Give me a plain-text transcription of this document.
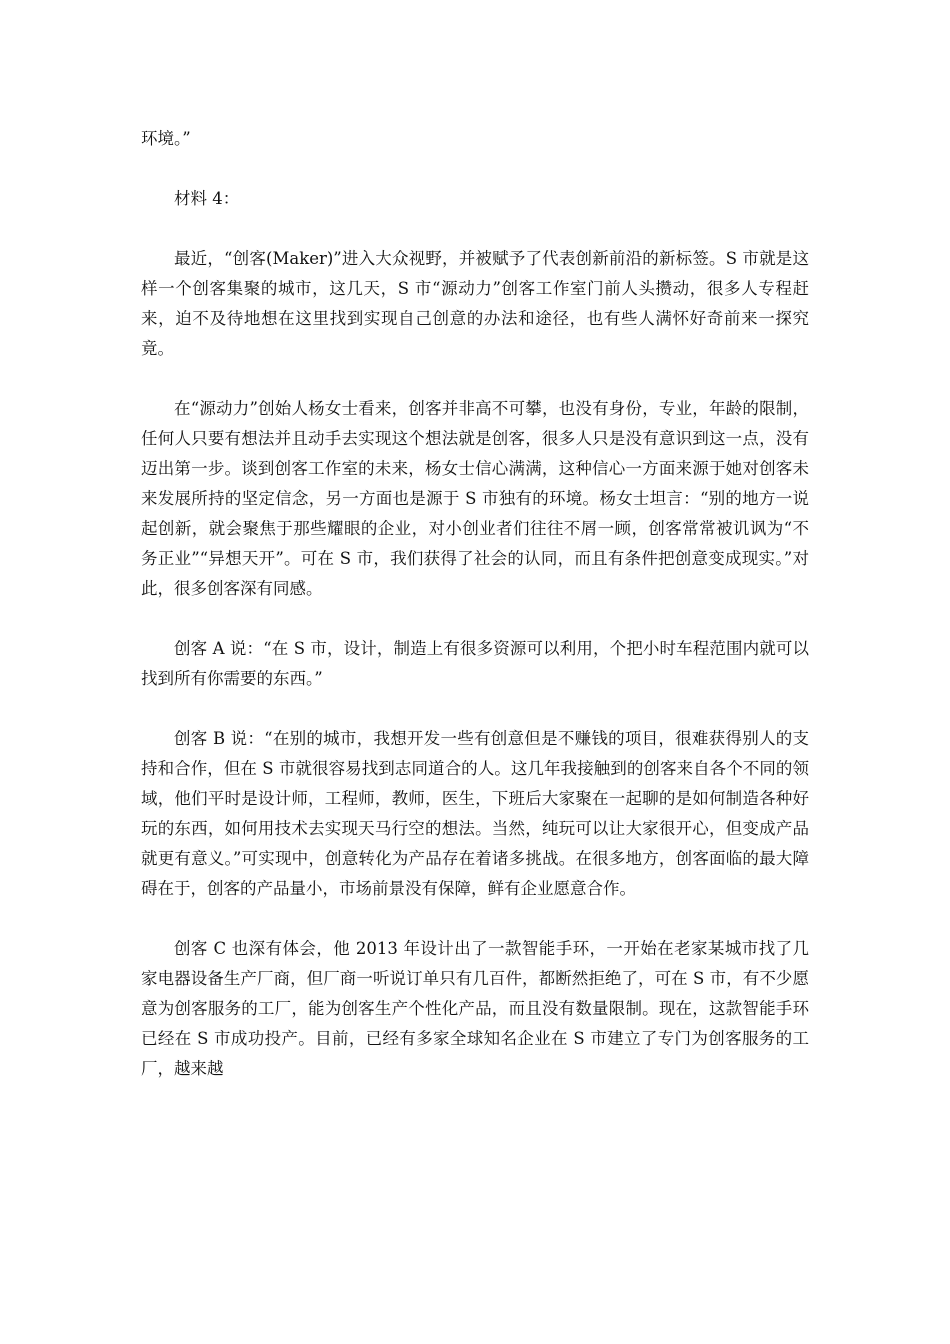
环境。”

材料 4：

最近，“创客(Maker)”进入大众视野，并被赋予了代表创新前沿的新标签。S 市就是这样一个创客集聚的城市，这几天，S 市“源动力”创客工作室门前人头攒动，很多人专程赶来，迫不及待地想在这里找到实现自己创意的办法和途径，也有些人满怀好奇前来一探究竟。

在“源动力”创始人杨女士看来，创客并非高不可攀，也没有身份，专业，年龄的限制，任何人只要有想法并且动手去实现这个想法就是创客，很多人只是没有意识到这一点，没有迈出第一步。谈到创客工作室的未来，杨女士信心满满，这种信心一方面来源于她对创客未来发展所持的坚定信念，另一方面也是源于 S 市独有的环境。杨女士坦言：“别的地方一说起创新，就会聚焦于那些耀眼的企业，对小创业者们往往不屑一顾，创客常常被讥讽为“不务正业”“异想天开”。可在 S 市，我们获得了社会的认同，而且有条件把创意变成现实。”对此，很多创客深有同感。

创客 A 说：“在 S 市，设计，制造上有很多资源可以利用，个把小时车程范围内就可以找到所有你需要的东西。”

创客 B 说：“在别的城市，我想开发一些有创意但是不赚钱的项目，很难获得别人的支持和合作，但在 S 市就很容易找到志同道合的人。这几年我接触到的创客来自各个不同的领域，他们平时是设计师，工程师，教师，医生，下班后大家聚在一起聊的是如何制造各种好玩的东西，如何用技术去实现天马行空的想法。当然，纯玩可以让大家很开心，但变成产品就更有意义。”可实现中，创意转化为产品存在着诸多挑战。在很多地方，创客面临的最大障碍在于，创客的产品量小，市场前景没有保障，鲜有企业愿意合作。

创客 C 也深有体会，他 2013 年设计出了一款智能手环，一开始在老家某城市找了几家电器设备生产厂商，但厂商一听说订单只有几百件，都断然拒绝了，可在 S 市，有不少愿意为创客服务的工厂，能为创客生产个性化产品，而且没有数量限制。现在，这款智能手环已经在 S 市成功投产。目前，已经有多家全球知名企业在 S 市建立了专门为创客服务的工厂，越来越
